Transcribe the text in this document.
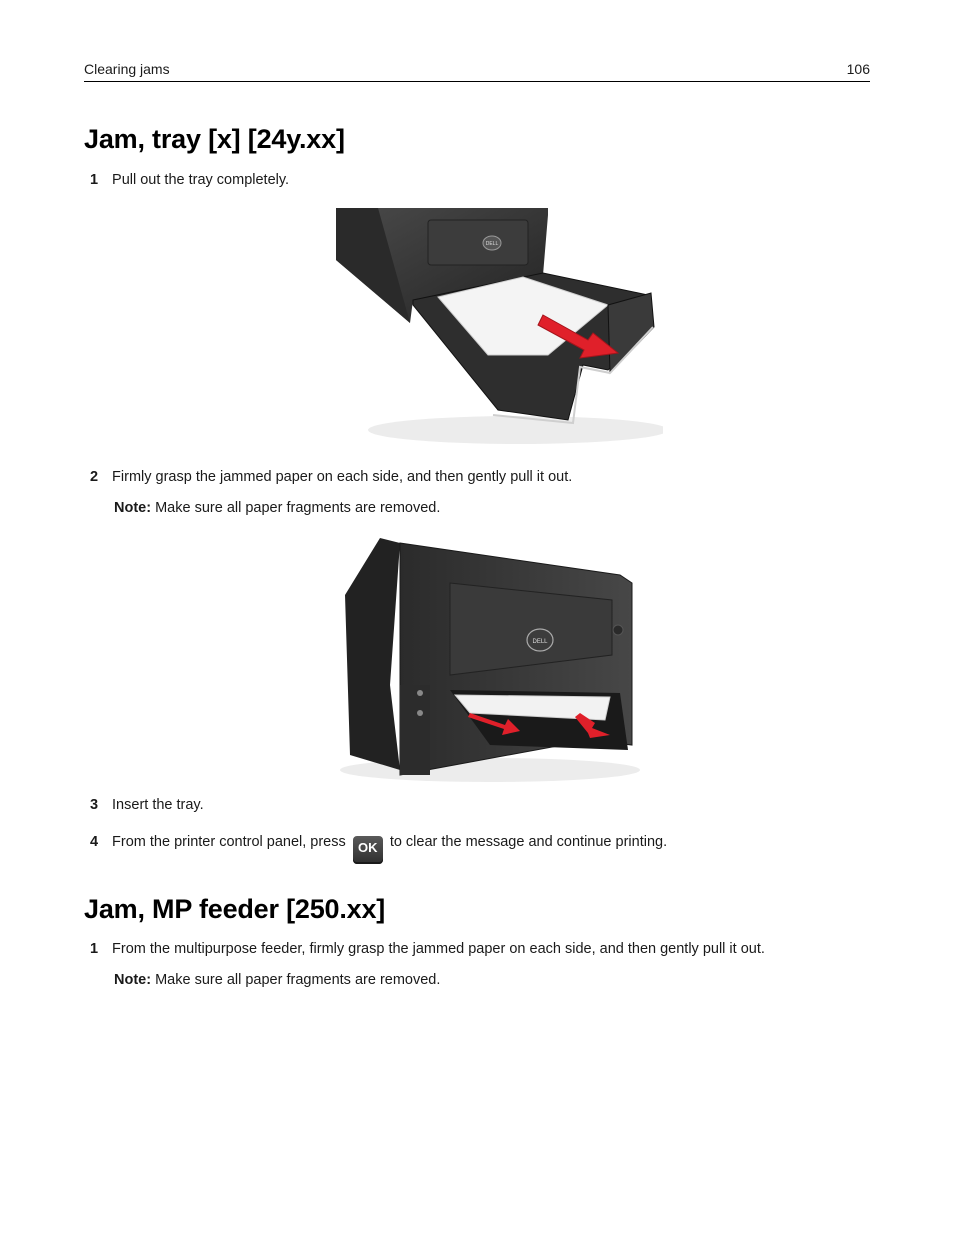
Clearing jams	106
Jam, tray [x] [24y.xx]
1 Pull out the tray completely.
DELL
2 Firmly grasp the jammed paper on each side, and then gently pull it out.
Note: Make sure all paper fragments are removed.
DELL
3 Insert the tray.
4 From the printer control panel, press OK to clear the message and continue printing.
Jam, MP feeder [250.xx]
1 From the multipurpose feeder, firmly grasp the jammed paper on each side, and then gently pull it out.
Note: Make sure all paper fragments are removed.
